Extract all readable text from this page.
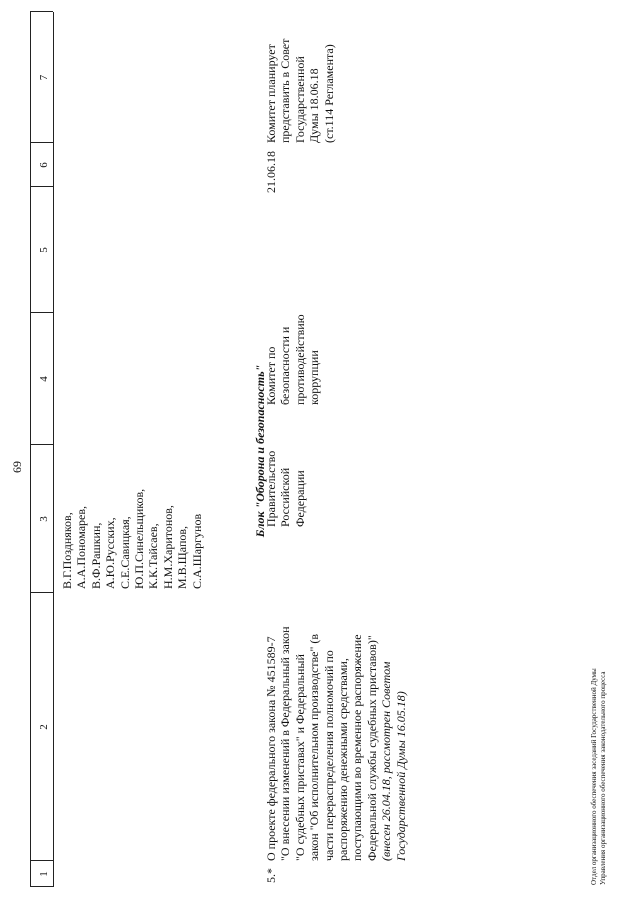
69
1
2
3
4
5
6
7
В.Г.Поздняков, А.А.Пономарев, В.Ф.Рашкин, А.Ю.Русских, С.Е.Савицкая, Ю.П.Синельщиков, К.К.Тайсаев, Н.М.Харитонов, М.В.Щапов, С.А.Шаргунов
21.06.18
Комитет планирует представить в Совет Государственной Думы 18.06.18 (ст.114 Регламента)
Блок "Оборона и безопасность"
5.*
О проекте федерального закона № 451589-7 "О внесении изменений в Федеральный закон "О судебных приставах" и Федеральный закон "Об исполнительном производстве" (в части перераспределения полномочий по распоряжению денежными средствами, поступающими во временное распоряжение Федеральной службы судебных приставов)" (внесен 26.04.18, рассмотрен Советом Государственной Думы 16.05.18)
Правительство Российской Федерации
Комитет по безопасности и противодействию коррупции
Отдел организационного обеспечения заседаний Государственной Думы Управления организационного обеспечения законодательного процесса
